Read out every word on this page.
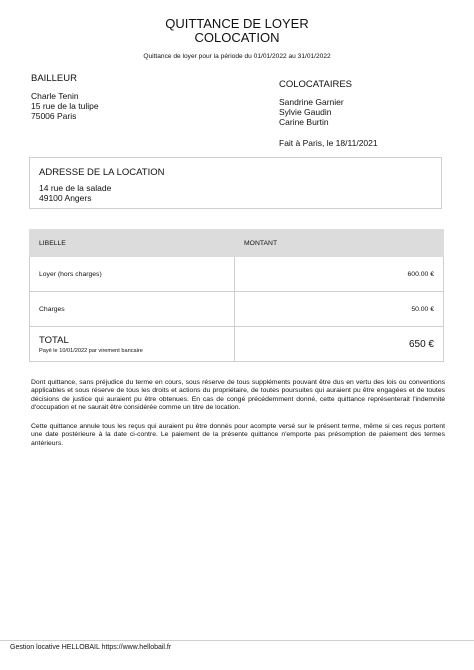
QUITTANCE DE LOYER
COLOCATION
Quittance de loyer pour la période du 01/01/2022 au 31/01/2022
BAILLEUR
Charle Tenin
15 rue de la tulipe
75006 Paris
COLOCATAIRES
Sandrine Garnier
Sylvie Gaudin
Carine Burtin
Fait à Paris, le 18/11/2021
ADRESSE DE LA LOCATION
14 rue de la salade
49100 Angers
LIBELLE	MONTANT
Loyer (hors charges)	600.00 €
Charges	50.00 €

TOTAL
Payé le 10/01/2022 par virement bancaire	650 €
Dont quittance, sans préjudice du terme en cours, sous réserve de tous suppléments pouvant être dus en vertu des lois ou conventions applicables et sous réserve de tous les droits et actions du propriétaire, de toutes poursuites qui auraient pu être engagées et de toutes décisions de justice qui auraient pu être obtenues. En cas de congé précédemment donné, cette quittance représenterait l'indemnité d'occupation et ne saurait être considérée comme un titre de location.
Cette quittance annule tous les reçus qui auraient pu être donnés pour acompte versé sur le présent terme, même si ces reçus portent une date postérieure à la date ci-contre. Le paiement de la présente quittance n'emporte pas présomption de paiement des termes antérieurs.
Gestion locative HELLOBAIL https://www.hellobail.fr
